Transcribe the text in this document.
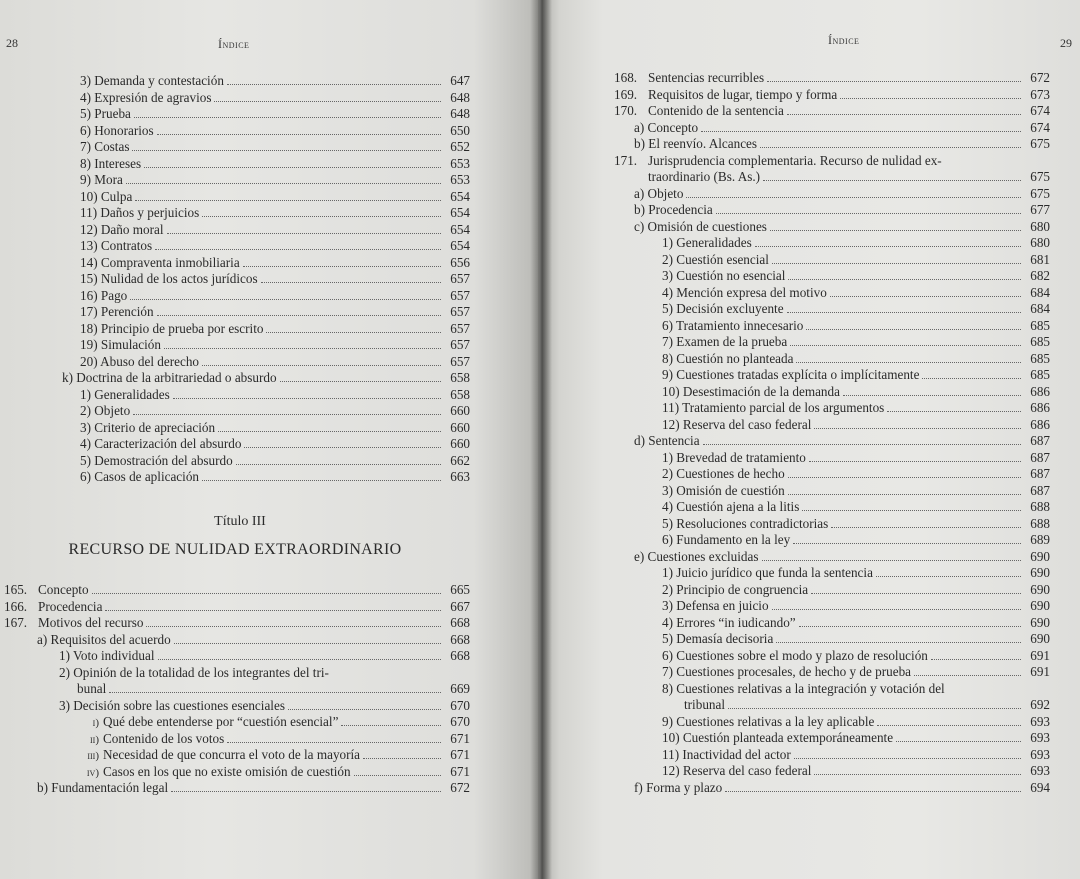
28	Índice
3) Demanda y contestación	647
4) Expresión de agravios	648
5) Prueba	648
6) Honorarios	650
7) Costas	652
8) Intereses	653
9) Mora	653
10) Culpa	654
11) Daños y perjuicios	654
12) Daño moral	654
13) Contratos	654
14) Compraventa inmobiliaria	656
15) Nulidad de los actos jurídicos	657
16) Pago	657
17) Perención	657
18) Principio de prueba por escrito	657
19) Simulación	657
20) Abuso del derecho	657
k) Doctrina de la arbitrariedad o absurdo	658
1) Generalidades	658
2) Objeto	660
3) Criterio de apreciación	660
4) Caracterización del absurdo	660
5) Demostración del absurdo	662
6) Casos de aplicación	663
Título III
RECURSO DE NULIDAD EXTRAORDINARIO
165. Concepto	665
166. Procedencia	667
167. Motivos del recurso	668
a) Requisitos del acuerdo	668
1) Voto individual	668
2) Opinión de la totalidad de los integrantes del tri-
bunal	669
3) Decisión sobre las cuestiones esenciales	670
i) Qué debe entenderse por “cuestión esencial”	670
ii) Contenido de los votos	671
iii) Necesidad de que concurra el voto de la mayoría	671
iv) Casos en los que no existe omisión de cuestión	671
b) Fundamentación legal	672
Índice	29
168. Sentencias recurribles	672
169. Requisitos de lugar, tiempo y forma	673
170. Contenido de la sentencia	674
a) Concepto	674
b) El reenvío. Alcances	675
171. Jurisprudencia complementaria. Recurso de nulidad ex-
traordinario (Bs. As.)	675
a) Objeto	675
b) Procedencia	677
c) Omisión de cuestiones	680
1) Generalidades	680
2) Cuestión esencial	681
3) Cuestión no esencial	682
4) Mención expresa del motivo	684
5) Decisión excluyente	684
6) Tratamiento innecesario	685
7) Examen de la prueba	685
8) Cuestión no planteada	685
9) Cuestiones tratadas explícita o implícitamente	685
10) Desestimación de la demanda	686
11) Tratamiento parcial de los argumentos	686
12) Reserva del caso federal	686
d) Sentencia	687
1) Brevedad de tratamiento	687
2) Cuestiones de hecho	687
3) Omisión de cuestión	687
4) Cuestión ajena a la litis	688
5) Resoluciones contradictorias	688
6) Fundamento en la ley	689
e) Cuestiones excluidas	690
1) Juicio jurídico que funda la sentencia	690
2) Principio de congruencia	690
3) Defensa en juicio	690
4) Errores “in iudicando”	690
5) Demasía decisoria	690
6) Cuestiones sobre el modo y plazo de resolución	691
7) Cuestiones procesales, de hecho y de prueba	691
8) Cuestiones relativas a la integración y votación del
tribunal	692
9) Cuestiones relativas a la ley aplicable	693
10) Cuestión planteada extemporáneamente	693
11) Inactividad del actor	693
12) Reserva del caso federal	693
f) Forma y plazo	694
